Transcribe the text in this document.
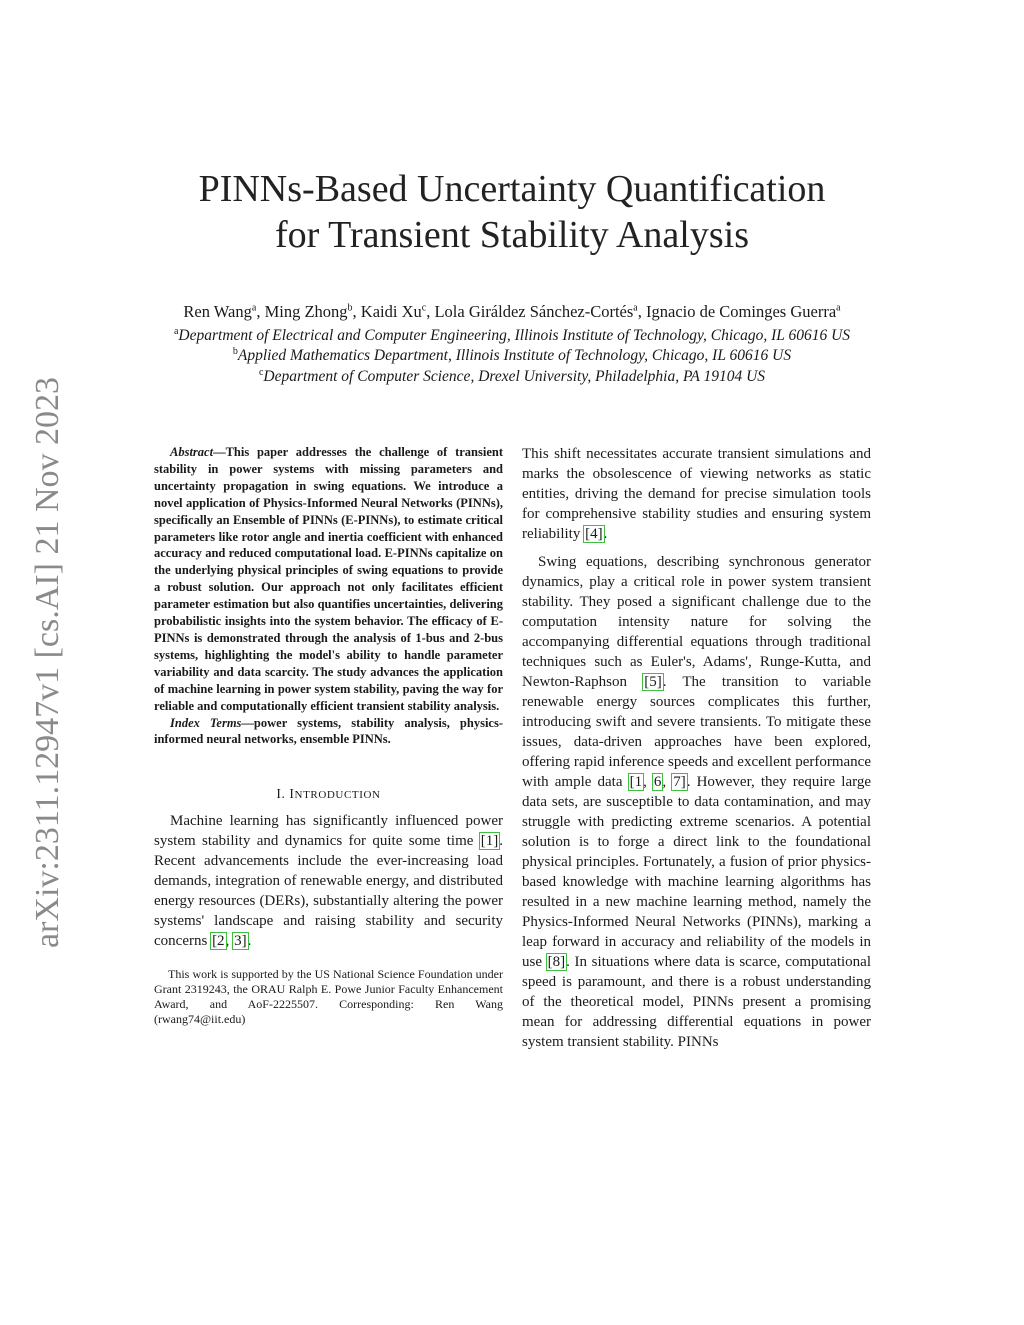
arXiv:2311.12947v1 [cs.AI] 21 Nov 2023
PINNs-Based Uncertainty Quantification
for Transient Stability Analysis
Ren Wang$^a$, Ming Zhong$^b$, Kaidi Xu$^c$, Lola Giráldez Sánchez-Cortés$^a$, Ignacio de Cominges Guerra$^a$
$^a$Department of Electrical and Computer Engineering, Illinois Institute of Technology, Chicago, IL 60616 US
$^b$Applied Mathematics Department, Illinois Institute of Technology, Chicago, IL 60616 US
$^c$Department of Computer Science, Drexel University, Philadelphia, PA 19104 US

Abstract—This paper addresses the challenge of transient stability in power systems with missing parameters and uncertainty propagation in swing equations. We introduce a novel application of Physics-Informed Neural Networks (PINNs), specifically an Ensemble of PINNs (E-PINNs), to estimate critical parameters like rotor angle and inertia coefficient with enhanced accuracy and reduced computational load. E-PINNs capitalize on the underlying physical principles of swing equations to provide a robust solution. Our approach not only facilitates efficient parameter estimation but also quantifies uncertainties, delivering probabilistic insights into the system behavior. The efficacy of E-PINNs is demonstrated through the analysis of 1-bus and 2-bus systems, highlighting the model's ability to handle parameter variability and data scarcity. The study advances the application of machine learning in power system stability, paving the way for reliable and computationally efficient transient stability analysis.

Index Terms—power systems, stability analysis, physics-informed neural networks, ensemble PINNs.

I. INTRODUCTION

Machine learning has significantly influenced power system stability and dynamics for quite some time [1]. Recent advancements include the ever-increasing load demands, integration of renewable energy, and distributed energy resources (DERs), substantially altering the power systems' landscape and raising stability and security concerns [2, 3].

This work is supported by the US National Science Foundation under Grant 2319243, the ORAU Ralph E. Powe Junior Faculty Enhancement Award, and AoF-2225507. Corresponding: Ren Wang (rwang74@iit.edu)

This shift necessitates accurate transient simulations and marks the obsolescence of viewing networks as static entities, driving the demand for precise simulation tools for comprehensive stability studies and ensuring system reliability [4].

Swing equations, describing synchronous generator dynamics, play a critical role in power system transient stability. They posed a significant challenge due to the computation intensity nature for solving the accompanying differential equations through traditional techniques such as Euler's, Adams', Runge-Kutta, and Newton-Raphson [5]. The transition to variable renewable energy sources complicates this further, introducing swift and severe transients. To mitigate these issues, data-driven approaches have been explored, offering rapid inference speeds and excellent performance with ample data [1, 6, 7]. However, they require large data sets, are susceptible to data contamination, and may struggle with predicting extreme scenarios. A potential solution is to forge a direct link to the foundational physical principles. Fortunately, a fusion of prior physics-based knowledge with machine learning algorithms has resulted in a new machine learning method, namely the Physics-Informed Neural Networks (PINNs), marking a leap forward in accuracy and reliability of the models in use [8]. In situations where data is scarce, computational speed is paramount, and there is a robust understanding of the theoretical model, PINNs present a promising mean for addressing differential equations in power system transient stability. PINNs
